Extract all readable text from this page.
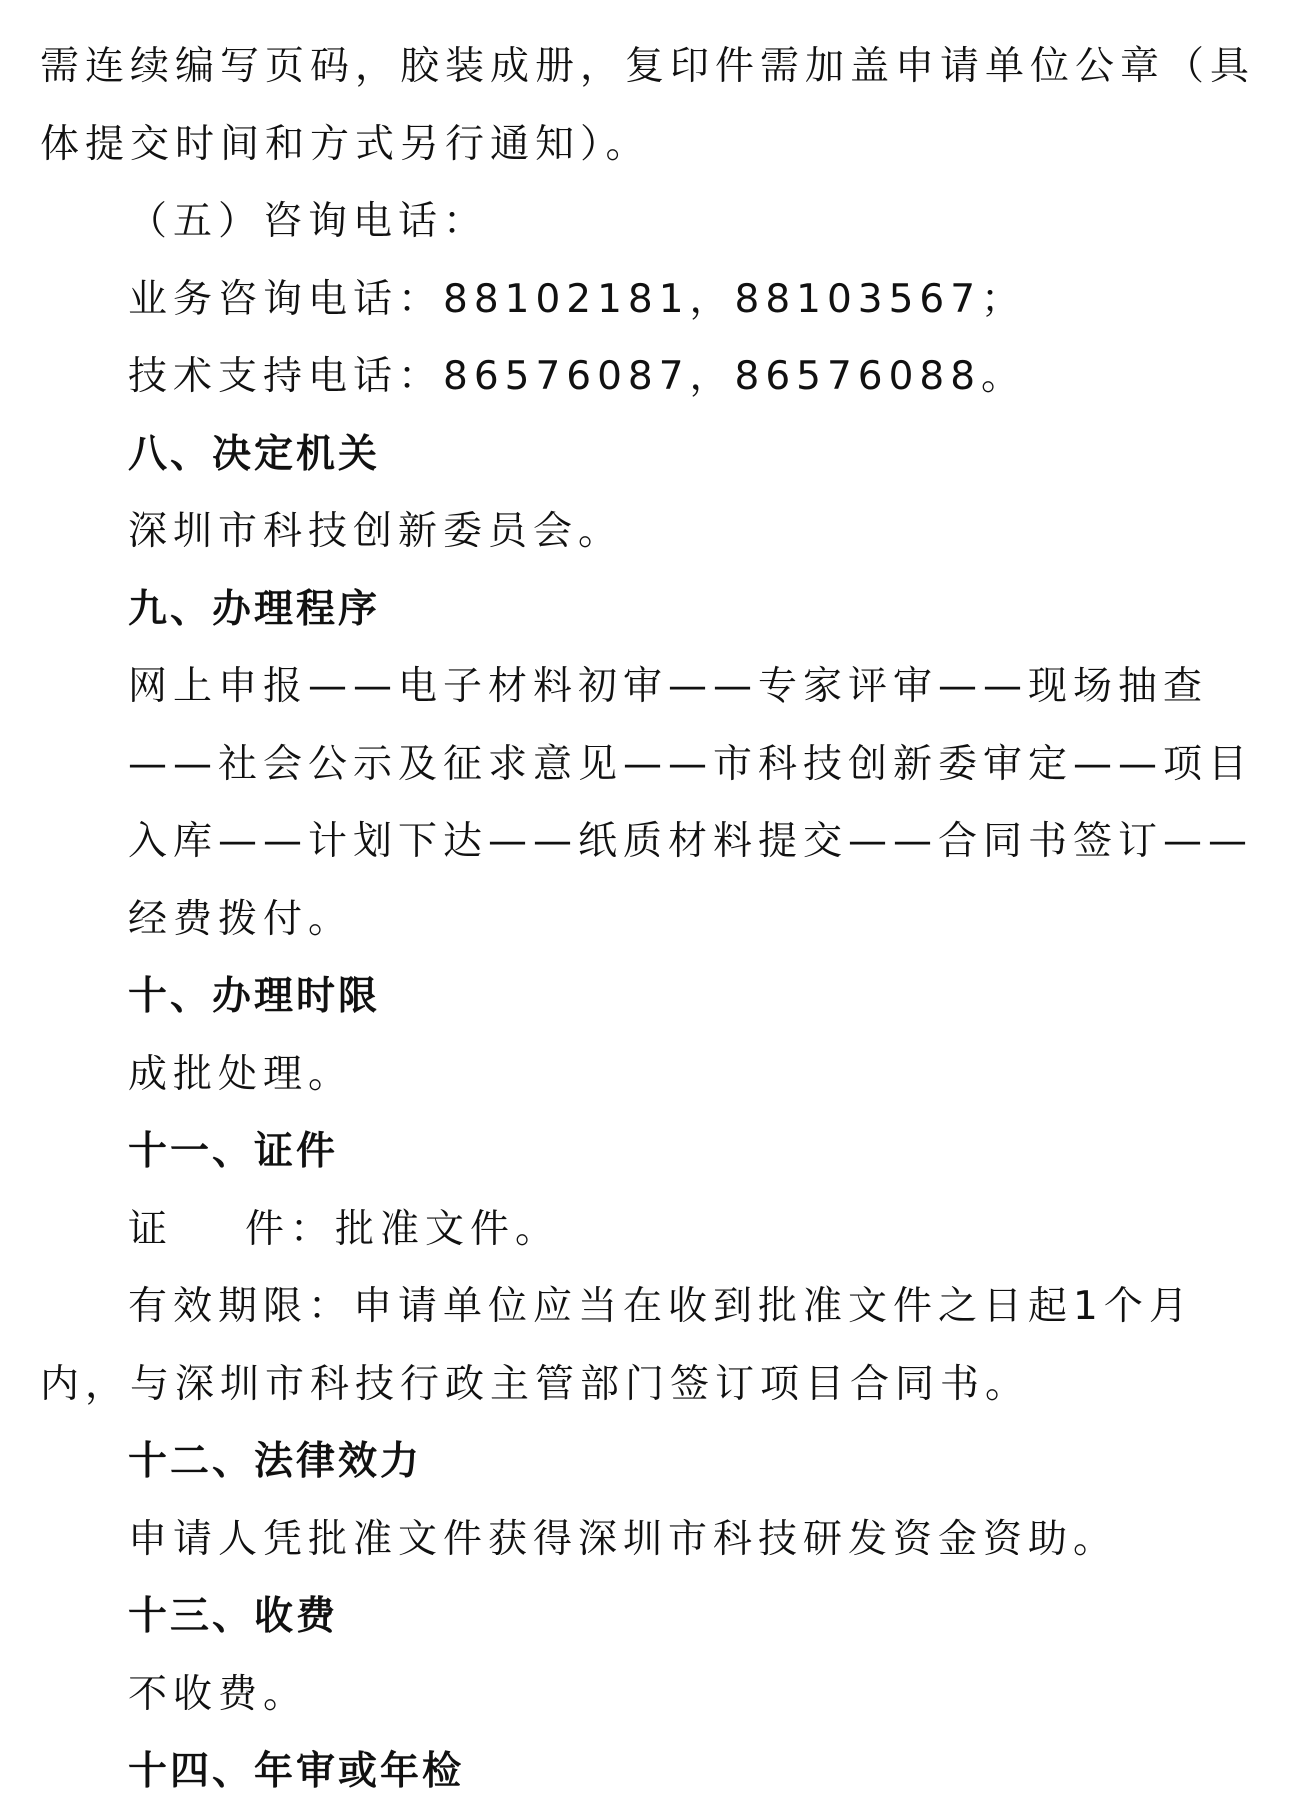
需连续编写页码，胶装成册，复印件需加盖申请单位公章（具体提交时间和方式另行通知）。
（五）咨询电话：
业务咨询电话：88102181，88103567；
技术支持电话：86576087，86576088。
八、决定机关
深圳市科技创新委员会。
九、办理程序
网上申报——电子材料初审——专家评审——现场抽查——社会公示及征求意见——市科技创新委审定——项目入库——计划下达——纸质材料提交——合同书签订——经费拨付。
十、办理时限
成批处理。
十一、证件
证 件：批准文件。
有效期限：申请单位应当在收到批准文件之日起1个月内，与深圳市科技行政主管部门签订项目合同书。
十二、法律效力
申请人凭批准文件获得深圳市科技研发资金资助。
十三、收费
不收费。
十四、年审或年检
